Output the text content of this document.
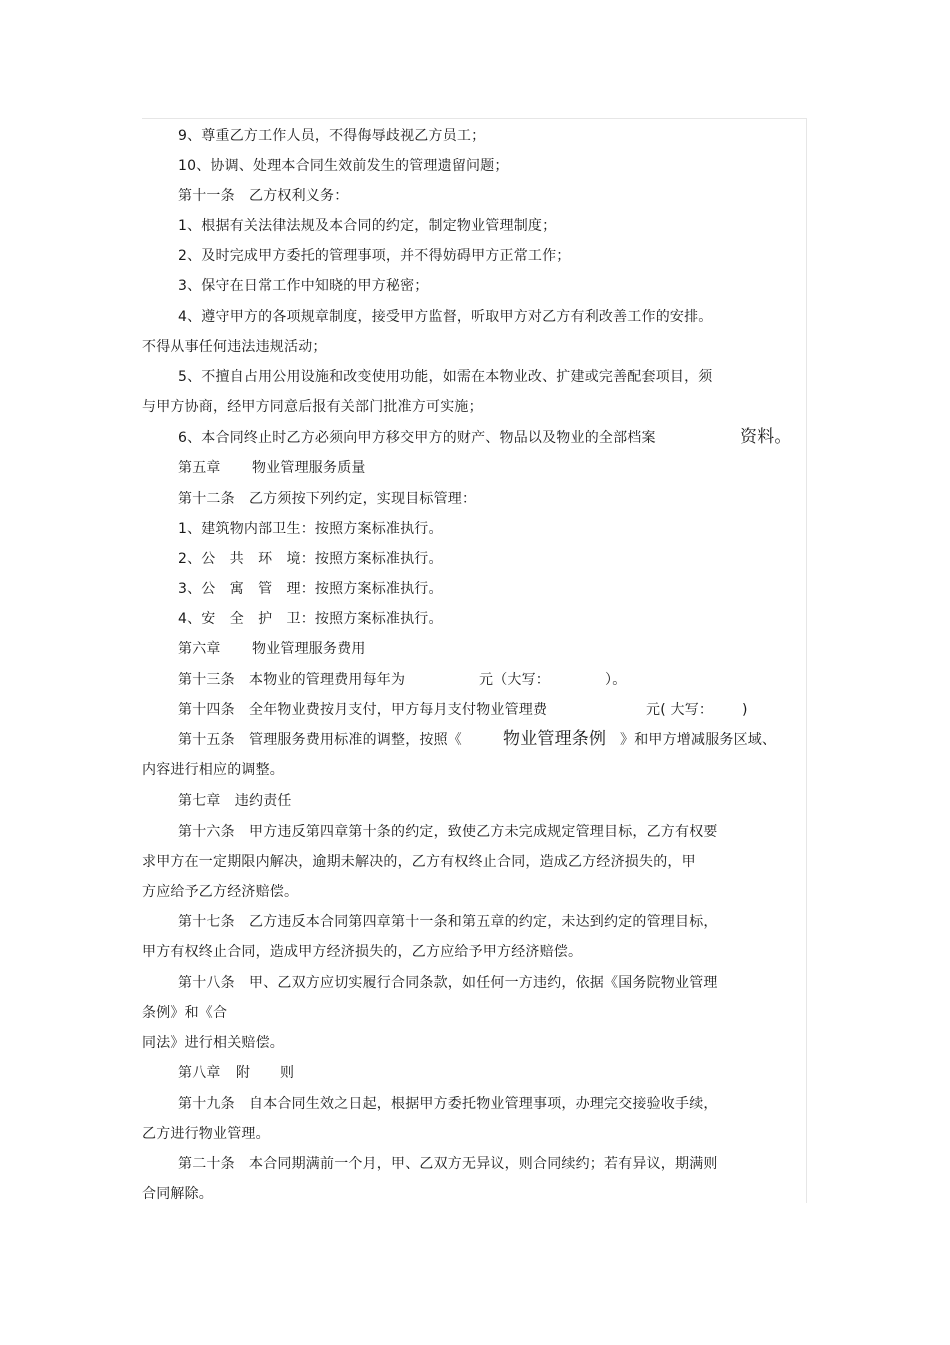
9、尊重乙方工作人员，不得侮辱歧视乙方员工；
10、协调、处理本合同生效前发生的管理遗留问题；
第十一条　乙方权利义务：
1、根据有关法律法规及本合同的约定，制定物业管理制度；
2、及时完成甲方委托的管理事项，并不得妨碍甲方正常工作；
3、保守在日常工作中知晓的甲方秘密；
4、遵守甲方的各项规章制度，接受甲方监督，听取甲方对乙方有利改善工作的安排。
不得从事任何违法违规活动；
5、不擅自占用公用设施和改变使用功能，如需在本物业改、扩建或完善配套项目，须
与甲方协商，经甲方同意后报有关部门批准方可实施；
6、本合同终止时乙方必须向甲方移交甲方的财产、物品以及物业的全部档案	资料。
第五章 物业管理服务质量
第十二条　乙方须按下列约定，实现目标管理：
1、建筑物内部卫生：按照方案标准执行。
2、公　共　环　境：按照方案标准执行。
3、公　寓　管　理：按照方案标准执行。
4、安　全　护　卫：按照方案标准执行。
第六章 物业管理服务费用
第十三条　本物业的管理费用每年为	元（大写：	）。
第十四条　全年物业费按月支付，甲方每月支付物业管理费	元( 大写： )
第十五条　管理服务费用标准的调整，按照《 物业管理条例 》和甲方增减服务区域、
内容进行相应的调整。
第七章　违约责任
第十六条　甲方违反第四章第十条的约定，致使乙方未完成规定管理目标，乙方有权要
求甲方在一定期限内解决，逾期未解决的，乙方有权终止合同，造成乙方经济损失的，甲
方应给予乙方经济赔偿。
第十七条　乙方违反本合同第四章第十一条和第五章的约定，未达到约定的管理目标，
甲方有权终止合同，造成甲方经济损失的，乙方应给予甲方经济赔偿。
第十八条　甲、乙双方应切实履行合同条款，如任何一方违约，依据《国务院物业管理
条例》和《合
同法》进行相关赔偿。
第八章 附 则
第十九条　自本合同生效之日起，根据甲方委托物业管理事项，办理完交接验收手续，
乙方进行物业管理。
第二十条　本合同期满前一个月，甲、乙双方无异议，则合同续约；若有异议，期满则
合同解除。
